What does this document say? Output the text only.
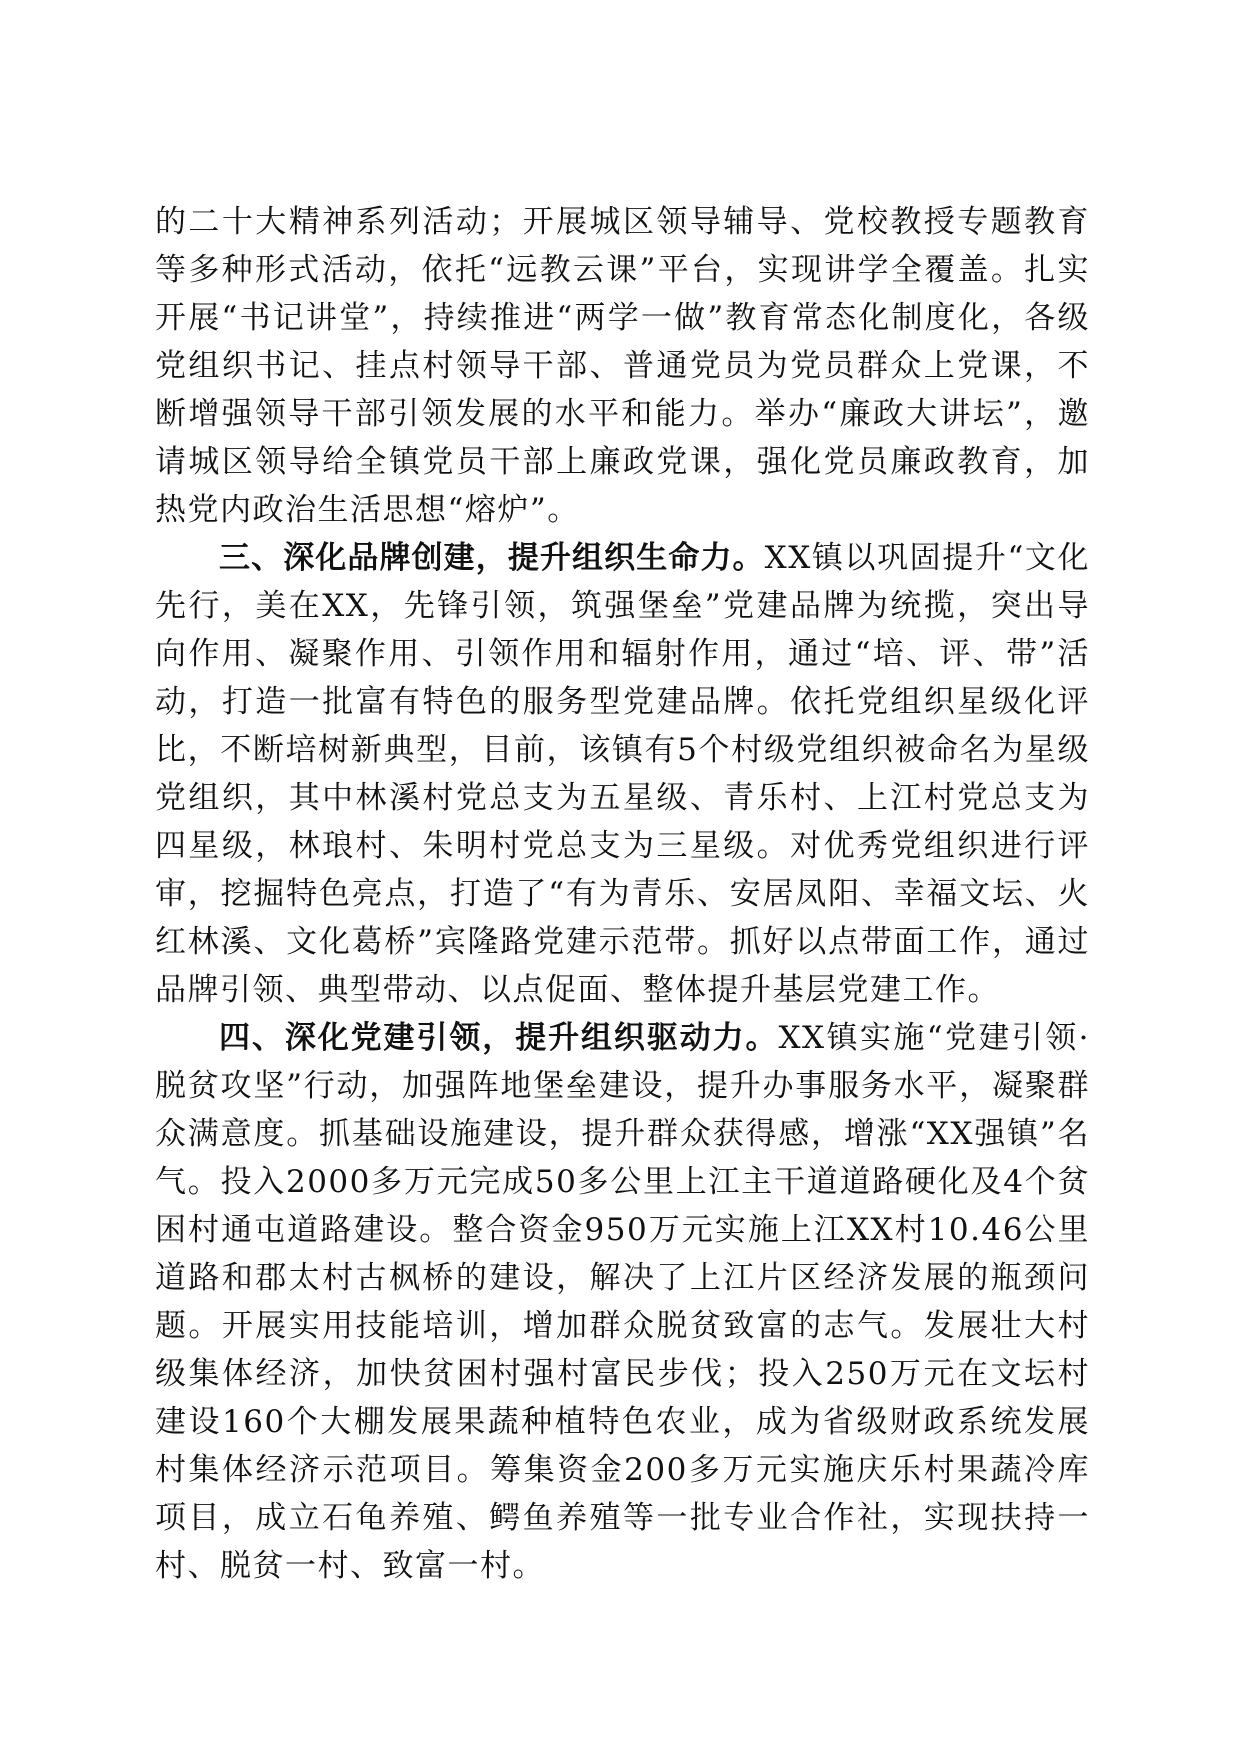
的二十大精神系列活动；开展城区领导辅导、党校教授专题教育等多种形式活动，依托“远教云课”平台，实现讲学全覆盖。扎实开展“书记讲堂”，持续推进“两学一做”教育常态化制度化，各级党组织书记、挂点村领导干部、普通党员为党员群众上党课，不断增强领导干部引领发展的水平和能力。举办“廉政大讲坛”，邀请城区领导给全镇党员干部上廉政党课，强化党员廉政教育，加热党内政治生活思想“熔炉”。

三、深化品牌创建，提升组织生命力。XX镇以巩固提升“文化先行，美在XX，先锋引领，筑强堡垒”党建品牌为统揽，突出导向作用、凝聚作用、引领作用和辐射作用，通过“培、评、带”活动，打造一批富有特色的服务型党建品牌。依托党组织星级化评比，不断培树新典型，目前，该镇有5个村级党组织被命名为星级党组织，其中林溪村党总支为五星级、青乐村、上江村党总支为四星级，林琅村、朱明村党总支为三星级。对优秀党组织进行评审，挖掘特色亮点，打造了“有为青乐、安居凤阳、幸福文坛、火红林溪、文化葛桥”宾隆路党建示范带。抓好以点带面工作，通过品牌引领、典型带动、以点促面、整体提升基层党建工作。

四、深化党建引领，提升组织驱动力。XX镇实施“党建引领·脱贫攻坚”行动，加强阵地堡垒建设，提升办事服务水平，凝聚群众满意度。抓基础设施建设，提升群众获得感，增涨“XX强镇”名气。投入2000多万元完成50多公里上江主干道道路硬化及4个贫困村通屯道路建设。整合资金950万元实施上江XX村10.46公里道路和郡太村古枫桥的建设，解决了上江片区经济发展的瓶颈问题。开展实用技能培训，增加群众脱贫致富的志气。发展壮大村级集体经济，加快贫困村强村富民步伐；投入250万元在文坛村建设160个大棚发展果蔬种植特色农业，成为省级财政系统发展村集体经济示范项目。筹集资金200多万元实施庆乐村果蔬冷库项目，成立石龟养殖、鳄鱼养殖等一批专业合作社，实现扶持一村、脱贫一村、致富一村。
